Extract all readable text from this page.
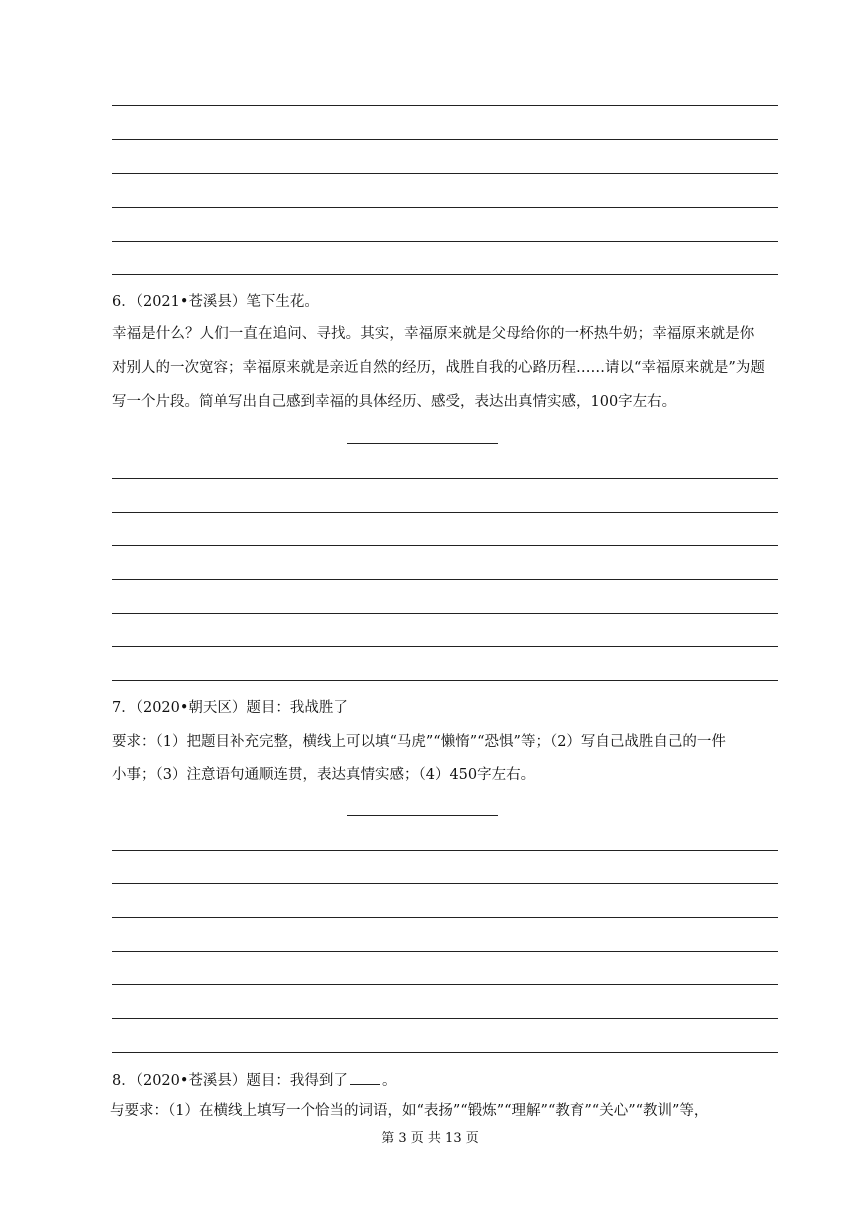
6．（2021•苍溪县）笔下生花。
幸福是什么？人们一直在追问、寻找。其实，幸福原来就是父母给你的一杯热牛奶；幸福原来就是你
对别人的一次宽容；幸福原来就是亲近自然的经历，战胜自我的心路历程……请以“幸福原来就是”为题
写一个片段。简单写出自己感到幸福的具体经历、感受，表达出真情实感，100字左右。
7．（2020•朝天区）题目：我战胜了
要求：（1）把题目补充完整，横线上可以填“马虎”“懒惰”“恐惧”等；（2）写自己战胜自己的一件
小事；（3）注意语句通顺连贯，表达真情实感；（4）450字左右。
8．（2020•苍溪县）题目：我得到了 。
与要求：（1）在横线上填写一个恰当的词语，如“表扬”“锻炼”“理解”“教育”“关心”“教训”等，
第 3 页 共 13 页
